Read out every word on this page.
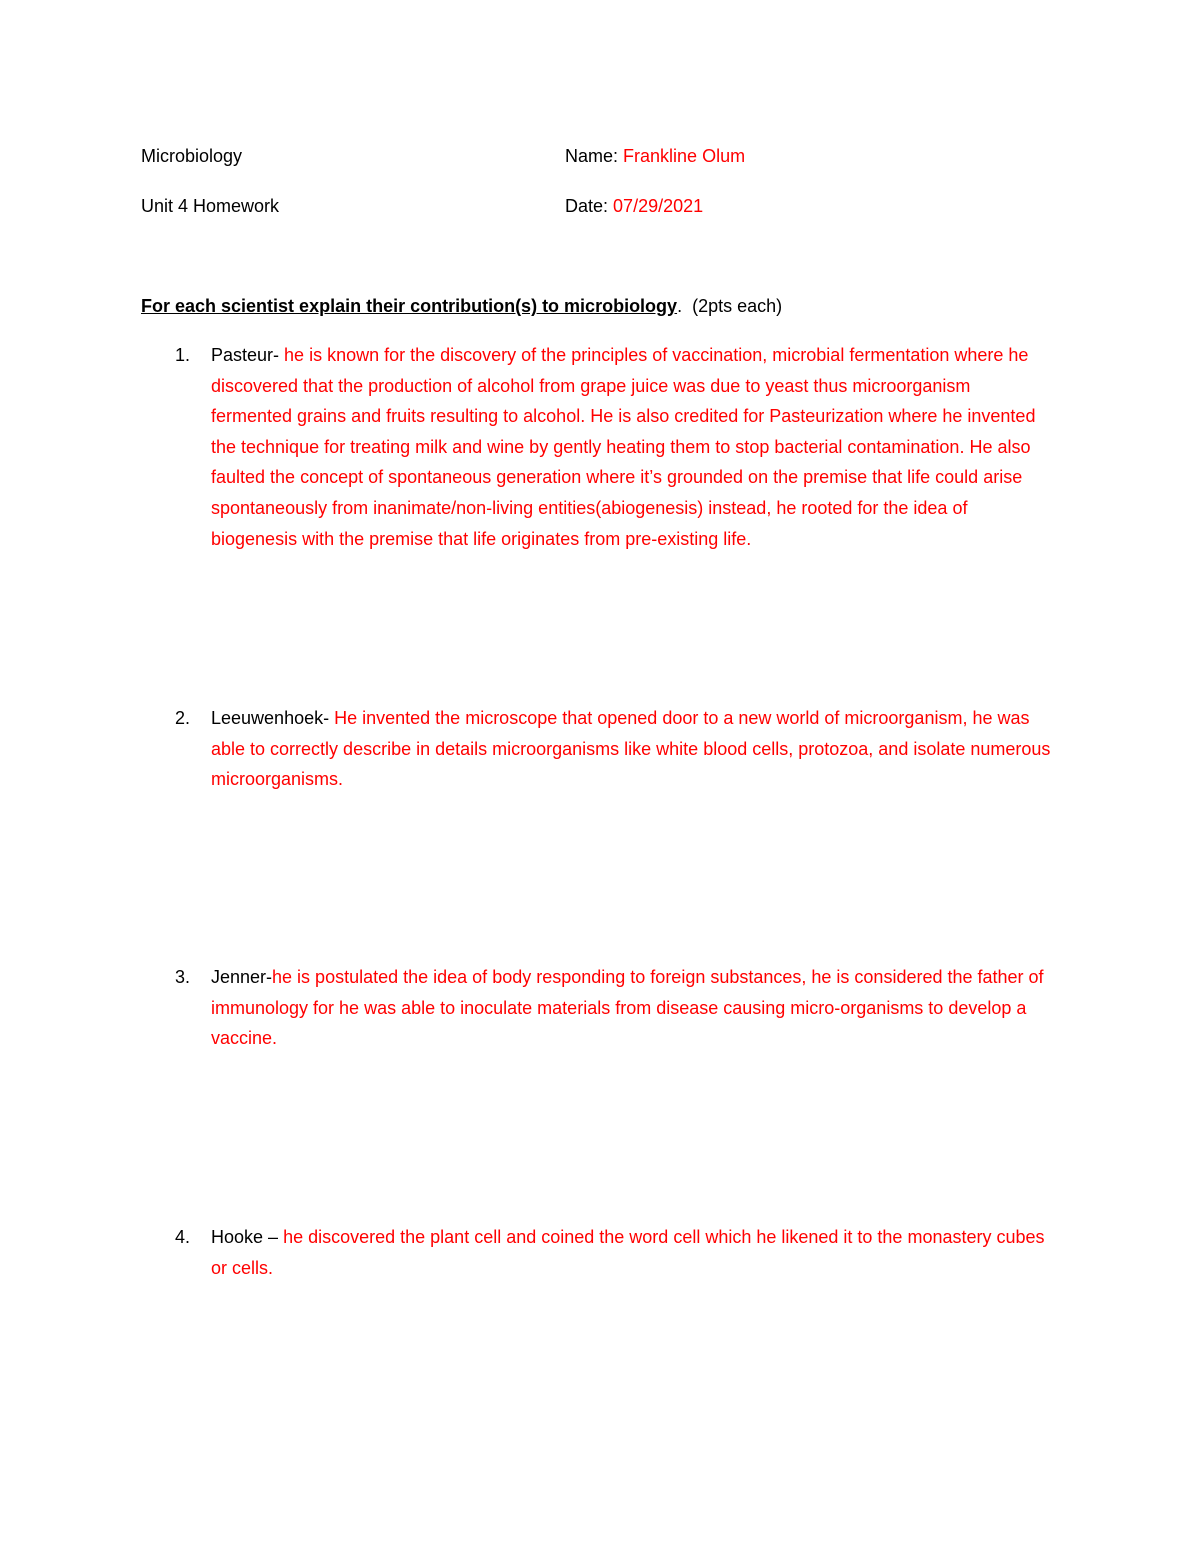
Microbiology	Name: Frankline Olum
Unit 4 Homework	Date: 07/29/2021
For each scientist explain their contribution(s) to microbiology. (2pts each)
1.	Pasteur- he is known for the discovery of the principles of vaccination, microbial fermentation where he discovered that the production of alcohol from grape juice was due to yeast thus microorganism fermented grains and fruits resulting to alcohol. He is also credited for Pasteurization where he invented the technique for treating milk and wine by gently heating them to stop bacterial contamination. He also faulted the concept of spontaneous generation where it’s grounded on the premise that life could arise spontaneously from inanimate/non-living entities(abiogenesis) instead, he rooted for the idea of biogenesis with the premise that life originates from pre-existing life.
2.	Leeuwenhoek- He invented the microscope that opened door to a new world of microorganism, he was able to correctly describe in details microorganisms like white blood cells, protozoa, and isolate numerous microorganisms.
3.	Jenner-he is postulated the idea of body responding to foreign substances, he is considered the father of immunology for he was able to inoculate materials from disease causing micro-organisms to develop a vaccine.
4.	Hooke – he discovered the plant cell and coined the word cell which he likened it to the monastery cubes or cells.
